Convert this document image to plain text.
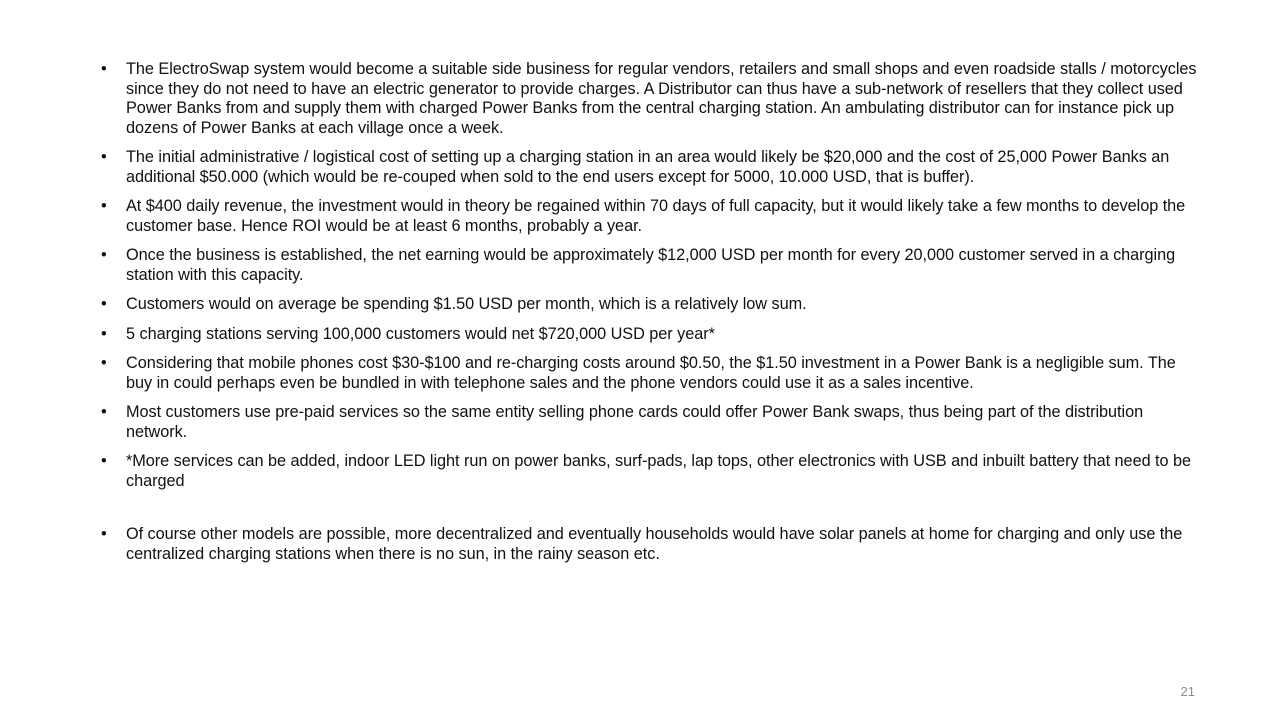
• The ElectroSwap system would become a suitable side business for regular vendors, retailers and small shops and even roadside stalls / motorcycles since they do not need to have an electric generator to provide charges. A Distributor can thus have a sub-network of resellers that they collect used Power Banks from and supply them with charged Power Banks from the central charging station. An ambulating distributor can for instance pick up dozens of Power Banks at each village once a week.
• The initial administrative / logistical cost of setting up a charging station in an area would likely be $20,000 and the cost of 25,000 Power Banks an additional $50.000 (which would be re-couped when sold to the end users except for 5000, 10.000 USD, that is buffer).
• At $400 daily revenue, the investment would in theory be regained within 70 days of full capacity, but it would likely take a few months to develop the customer base. Hence ROI would be at least 6 months, probably a year.
• Once the business is established, the net earning would be approximately $12,000 USD per month for every 20,000 customer served in a charging station with this capacity.
• Customers would on average be spending $1.50 USD per month, which is a relatively low sum.
• 5 charging stations serving 100,000 customers would net $720,000 USD per year*
• Considering that mobile phones cost $30-$100 and re-charging costs around $0.50, the $1.50 investment in a Power Bank is a negligible sum. The buy in could perhaps even be bundled in with telephone sales and the phone vendors could use it as a sales incentive.
• Most customers use pre-paid services so the same entity selling phone cards could offer Power Bank swaps, thus being part of the distribution network.
• *More services can be added, indoor LED light run on power banks, surf-pads, lap tops, other electronics with USB and inbuilt battery that need to be charged
• Of course other models are possible, more decentralized and eventually households would have solar panels at home for charging and only use the centralized charging stations when there is no sun, in the rainy season etc.
21
